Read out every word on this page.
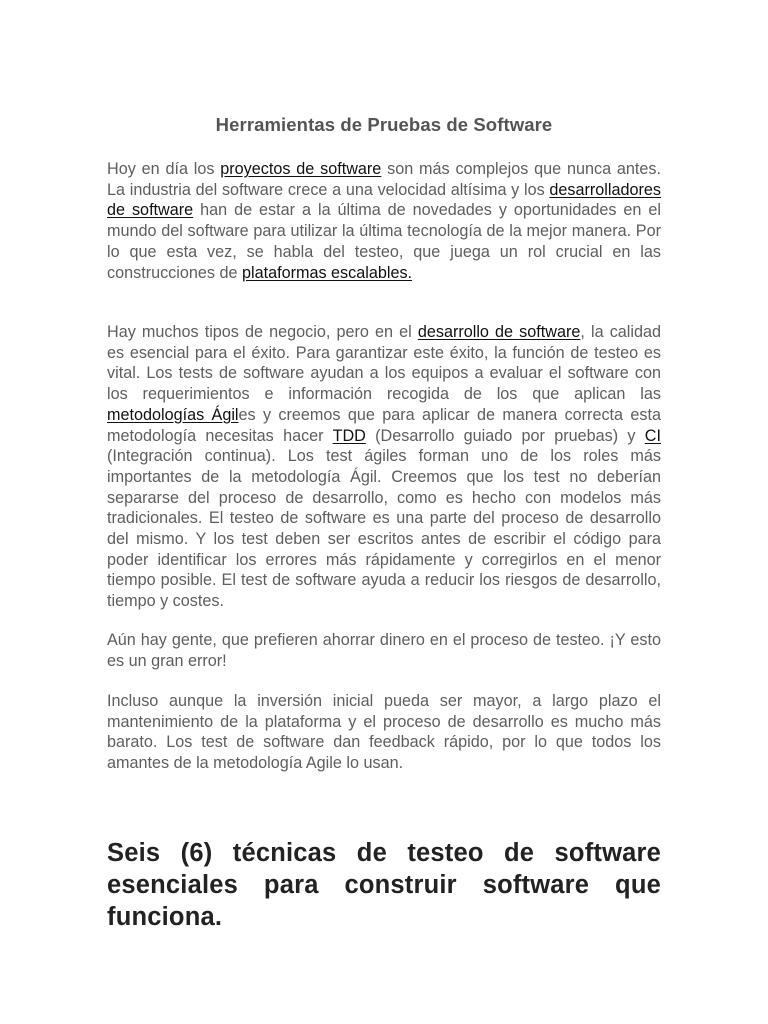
Herramientas de Pruebas de Software

Hoy en día los proyectos de software son más complejos que nunca antes. La industria del software crece a una velocidad altísima y los desarrolladores de software han de estar a la última de novedades y oportunidades en el mundo del software para utilizar la última tecnología de la mejor manera. Por lo que esta vez, se habla del testeo, que juega un rol crucial en las construcciones de plataformas escalables.

Hay muchos tipos de negocio, pero en el desarrollo de software, la calidad es esencial para el éxito. Para garantizar este éxito, la función de testeo es vital. Los tests de software ayudan a los equipos a evaluar el software con los requerimientos e información recogida de los que aplican las metodologías Ágiles y creemos que para aplicar de manera correcta esta metodología necesitas hacer TDD (Desarrollo guiado por pruebas) y CI (Integración continua). Los test ágiles forman uno de los roles más importantes de la metodología Ágil. Creemos que los test no deberían separarse del proceso de desarrollo, como es hecho con modelos más tradicionales. El testeo de software es una parte del proceso de desarrollo del mismo. Y los test deben ser escritos antes de escribir el código para poder identificar los errores más rápidamente y corregirlos en el menor tiempo posible. El test de software ayuda a reducir los riesgos de desarrollo, tiempo y costes.

Aún hay gente, que prefieren ahorrar dinero en el proceso de testeo. ¡Y esto es un gran error!

Incluso aunque la inversión inicial pueda ser mayor, a largo plazo el mantenimiento de la plataforma y el proceso de desarrollo es mucho más barato. Los test de software dan feedback rápido, por lo que todos los amantes de la metodología Agile lo usan.

Seis (6) técnicas de testeo de software esenciales para construir software que funciona.
